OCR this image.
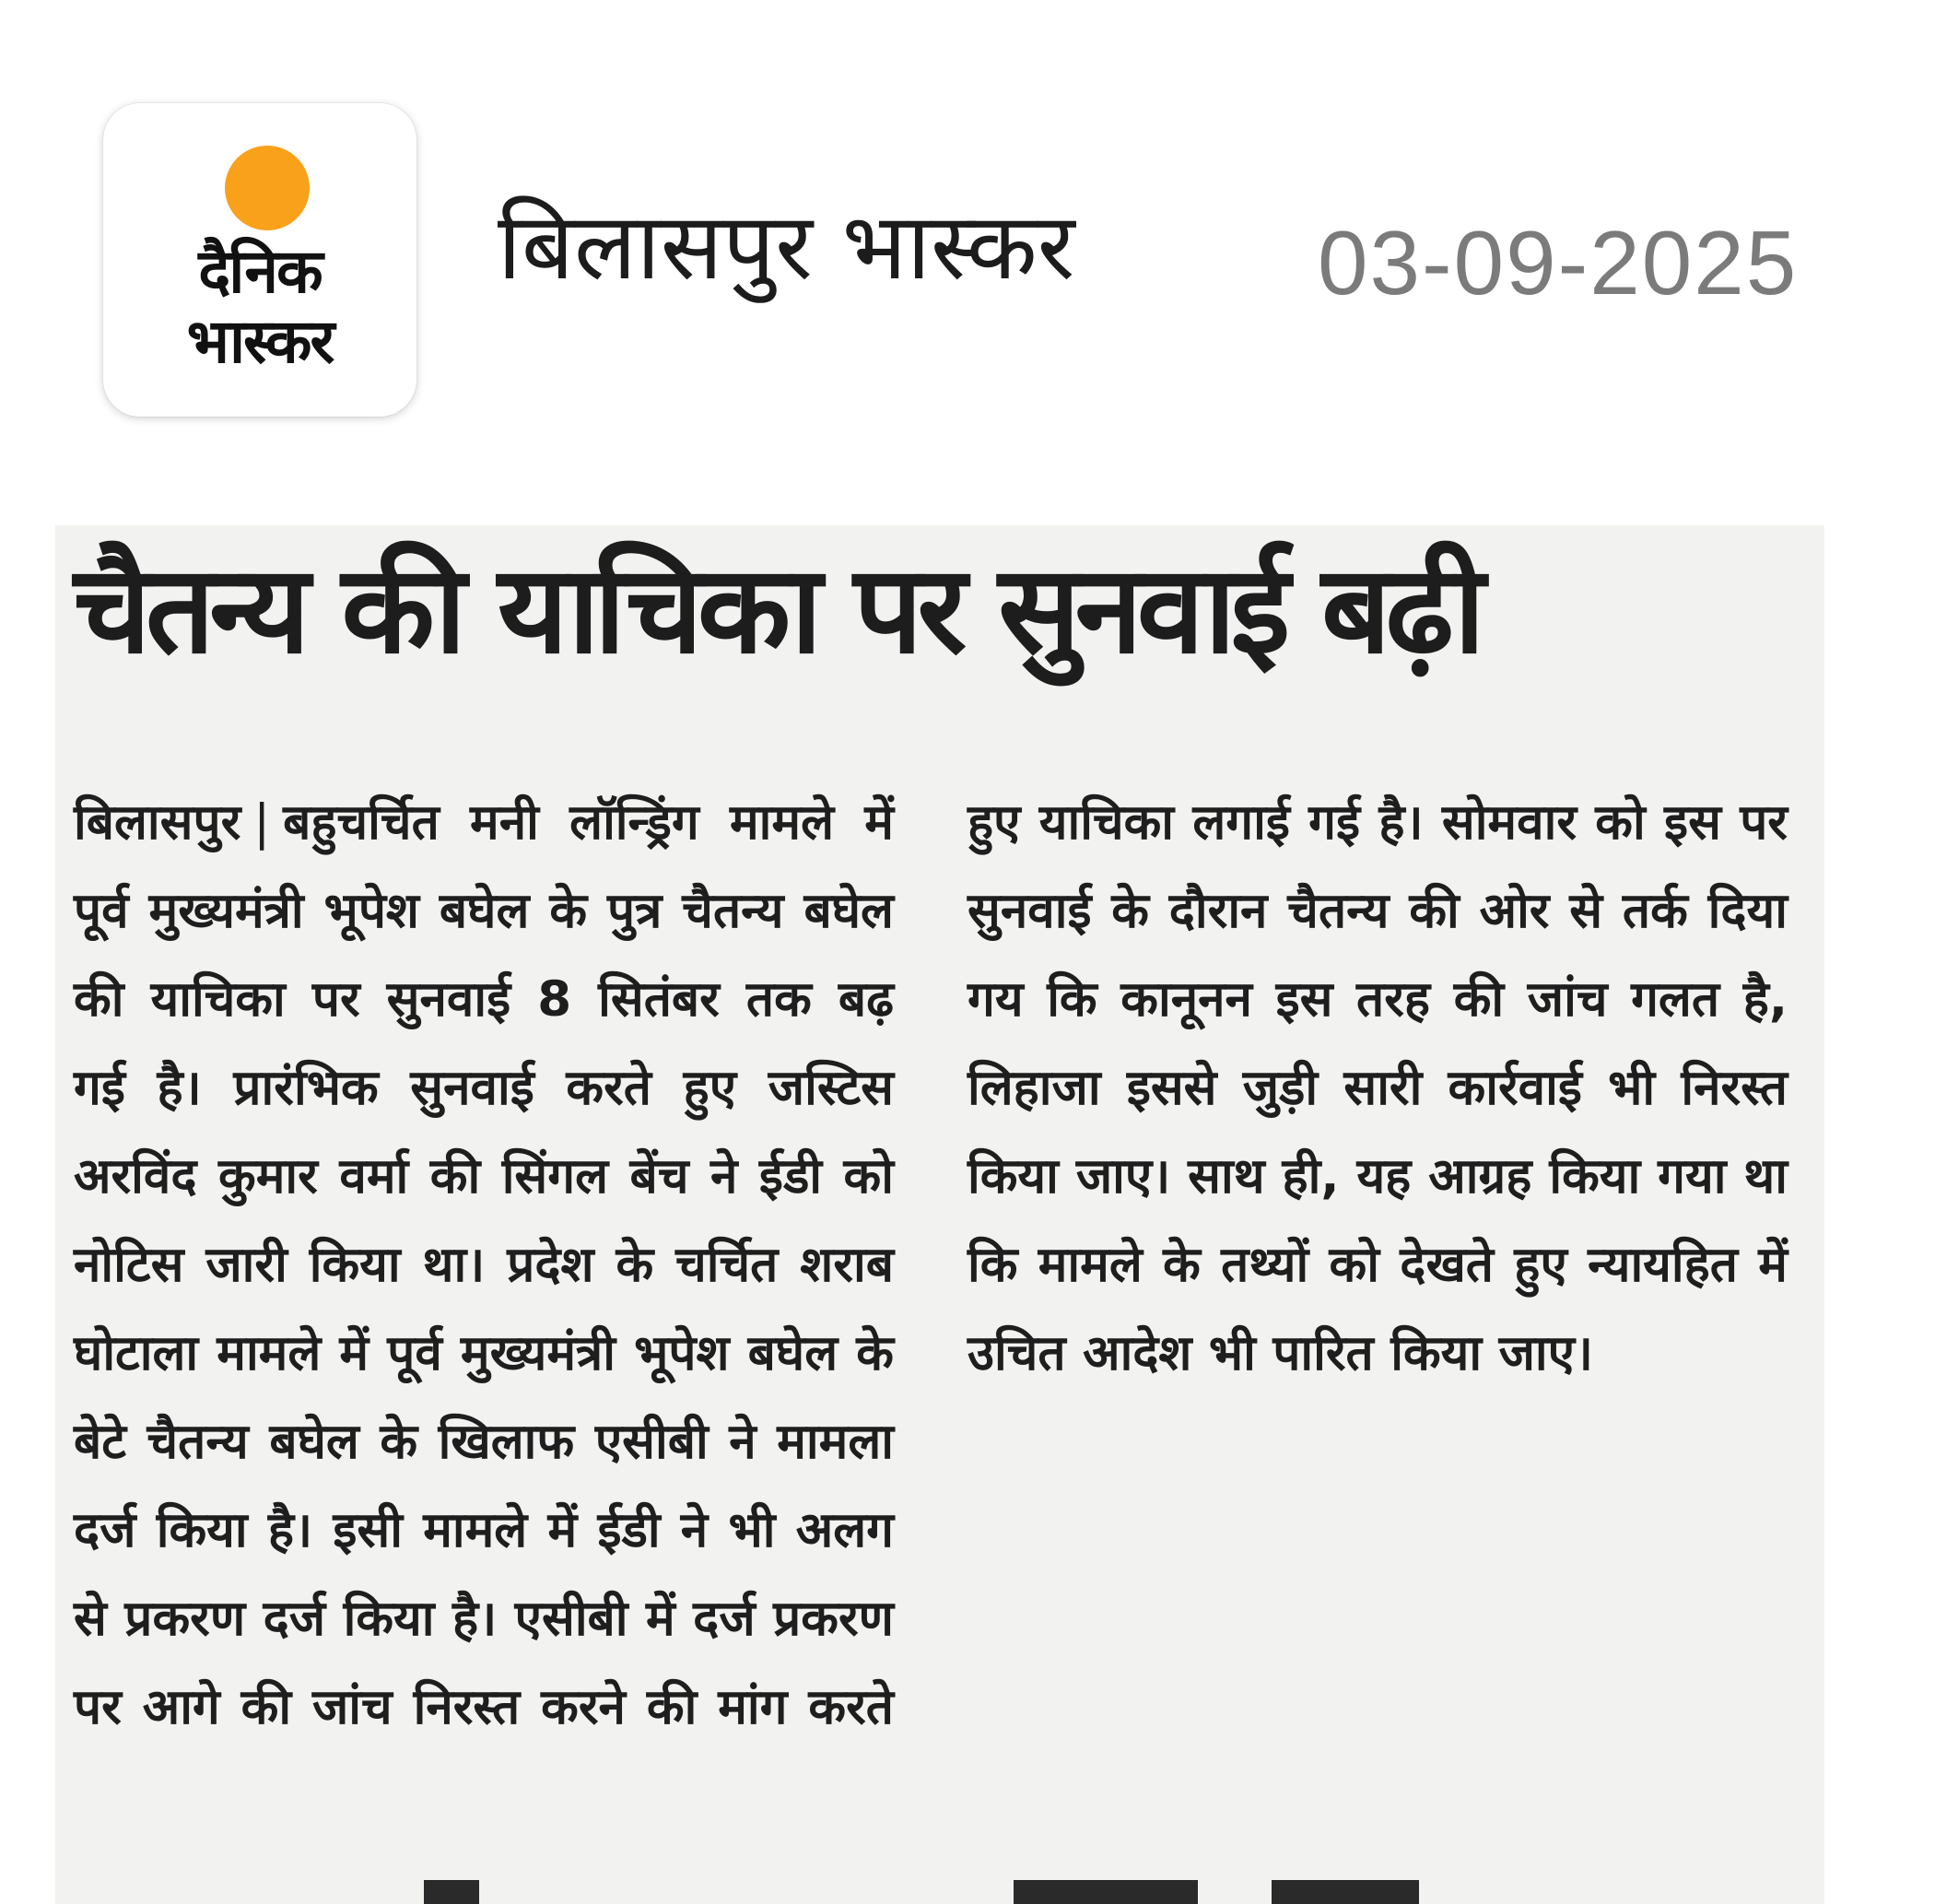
दैनिक
भास्कर
बिलासपुर भास्कर	03-09-2025
चैतन्य की याचिका पर सुनवाई बढ़ी

बिलासपुर | बहुचर्चित मनी लॉन्ड्रिंग मामले में पूर्व मुख्यमंत्री भूपेश बघेल के पुत्र चैतन्य बघेल की याचिका पर सुनवाई 8 सितंबर तक बढ़ गई है। प्रारंभिक सुनवाई करते हुए जस्टिस अरविंद कुमार वर्मा की सिंगल बेंच ने ईडी को नोटिस जारी किया था। प्रदेश के चर्चित शराब घोटाला मामले में पूर्व मुख्यमंत्री भूपेश बघेल के बेटे चैतन्य बघेल के खिलाफ एसीबी ने मामला दर्ज किया है। इसी मामले में ईडी ने भी अलग से प्रकरण दर्ज किया है। एसीबी में दर्ज प्रकरण पर आगे की जांच निरस्त करने की मांग करते हुए याचिका लगाई गई है। सोमवार को इस पर सुनवाई के दौरान चैतन्य की ओर से तर्क दिया गय कि कानूनन इस तरह की जांच गलत है, लिहाजा इससे जुड़ी सारी कार्रवाई भी निरस्त किया जाए। साथ ही, यह आग्रह किया गया था कि मामले के तथ्यों को देखते हुए न्यायहित में उचित आदेश भी पारित किया जाए।
